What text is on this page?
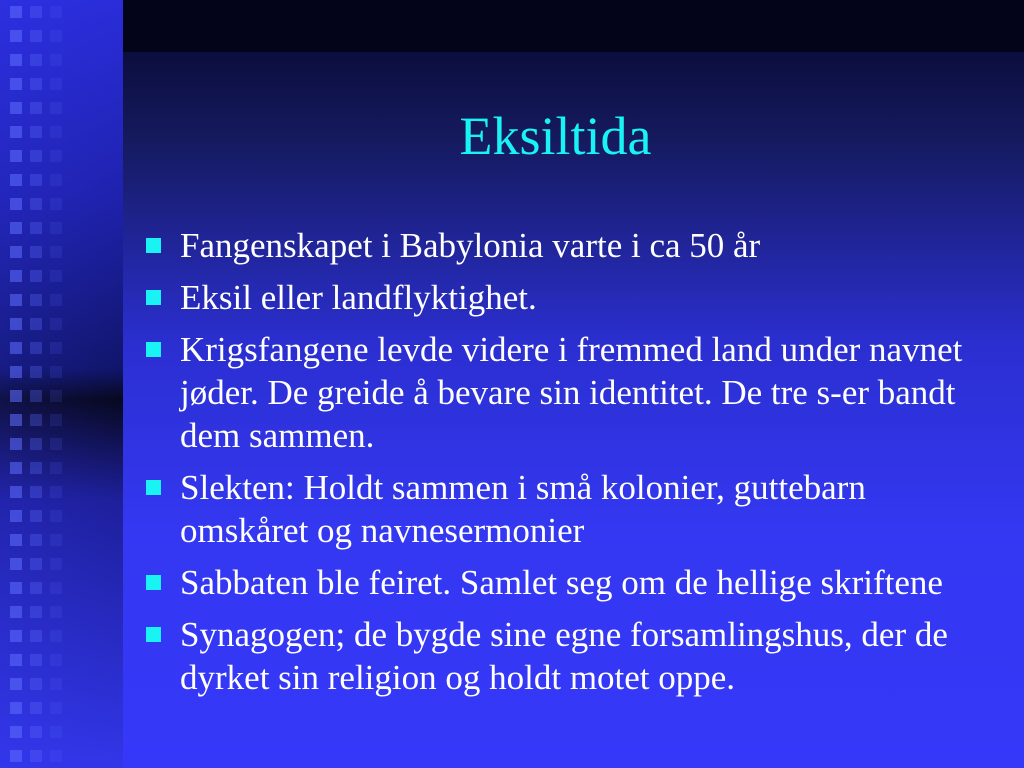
Eksiltida
Fangenskapet i Babylonia varte i ca 50 år
Eksil eller landflyktighet.
Krigsfangene levde videre i fremmed land under navnet jøder. De greide å bevare sin identitet. De tre s-er bandt dem sammen.
Slekten: Holdt sammen i små kolonier, guttebarn omskåret og navnesermonier
Sabbaten ble feiret. Samlet seg om de hellige skriftene
Synagogen; de bygde sine egne forsamlingshus, der de dyrket sin religion og holdt motet oppe.
